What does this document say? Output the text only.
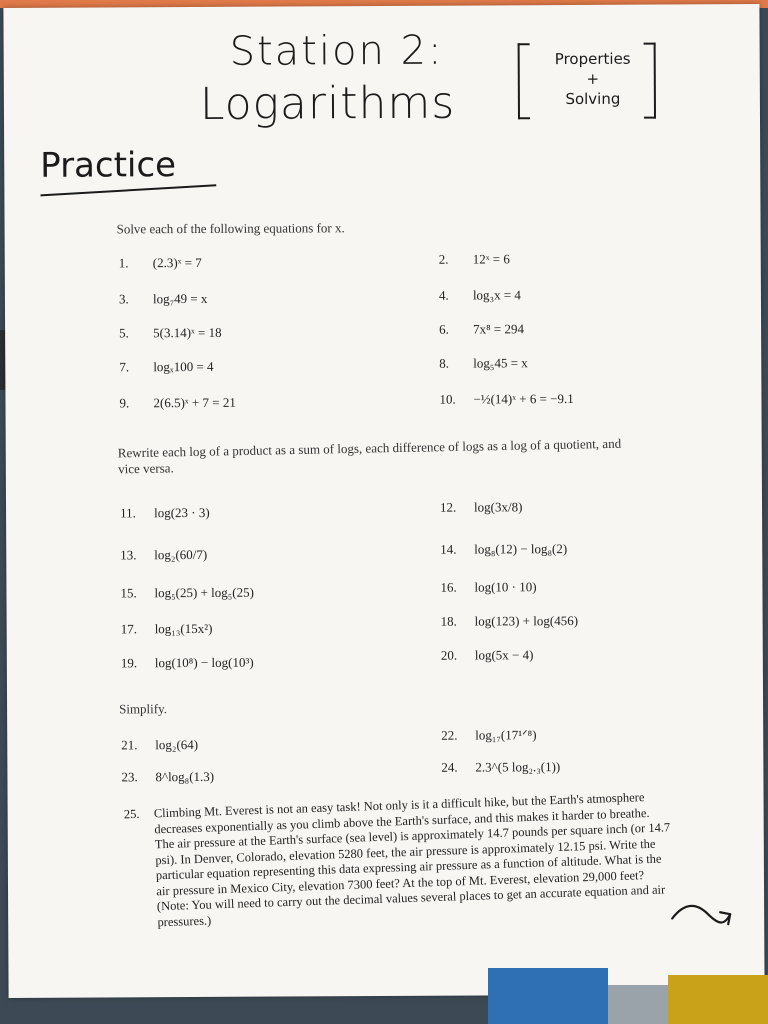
Station 2:
Logarithms
Properties
+
Solving
Practice
Solve each of the following equations for x.
1. (2.3)ˣ = 7	2. 12ˣ = 6
3. log₇49 = x	4. log₃x = 4
5. 5(3.14)ˣ = 18	6. 7x⁸ = 294
7. logₓ100 = 4	8. log₅45 = x
9. 2(6.5)ˣ + 7 = 21	10. −½(14)ˣ + 6 = −9.1
Rewrite each log of a product as a sum of logs, each difference of logs as a log of a quotient, and
vice versa.
11. log(23 · 3)	12. log(3x/8)
13. log₂(60/7)	14. log₈(12) − log₈(2)
15. log₅(25) + log₅(25)	16. log(10 · 10)
17. log₁₃(15x²)	18. log(123) + log(456)
19. log(10⁸) − log(10³)	20. log(5x − 4)
Simplify.
21. log₂(64)
22. log₁₇(17¹ᐟ⁸)
23. 8^log₈(1.3)
24. 2.3^(5 log₂.₃(1))
25. Climbing Mt. Everest is not an easy task! Not only is it a difficult hike, but the Earth's atmosphere decreases exponentially as you climb above the Earth's surface, and this makes it harder to breathe. The air pressure at the Earth's surface (sea level) is approximately 14.7 pounds per square inch (or 14.7 psi). In Denver, Colorado, elevation 5280 feet, the air pressure is approximately 12.15 psi. Write the particular equation representing this data expressing air pressure as a function of altitude. What is the air pressure in Mexico City, elevation 7300 feet? At the top of Mt. Everest, elevation 29,000 feet? (Note: You will need to carry out the decimal values several places to get an accurate equation and air pressures.)
